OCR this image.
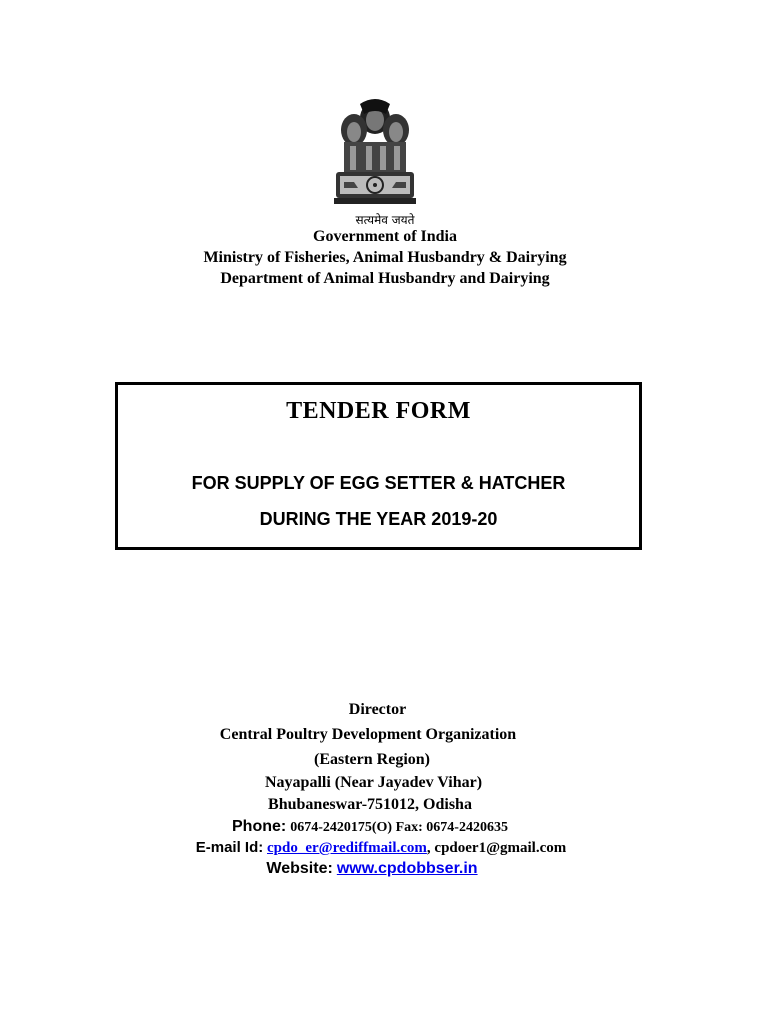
सत्यमेव जयते
Government of India
Ministry of Fisheries, Animal Husbandry & Dairying
Department of Animal Husbandry and Dairying
TENDER FORM
FOR SUPPLY OF EGG SETTER & HATCHER
DURING THE YEAR 2019-20
Director
Central Poultry Development Organization
(Eastern Region)
Nayapalli (Near Jayadev Vihar)
Bhubaneswar-751012, Odisha
Phone: 0674-2420175(O) Fax: 0674-2420635
E-mail Id: cpdo_er@rediffmail.com, cpdoer1@gmail.com
Website: www.cpdobbser.in
